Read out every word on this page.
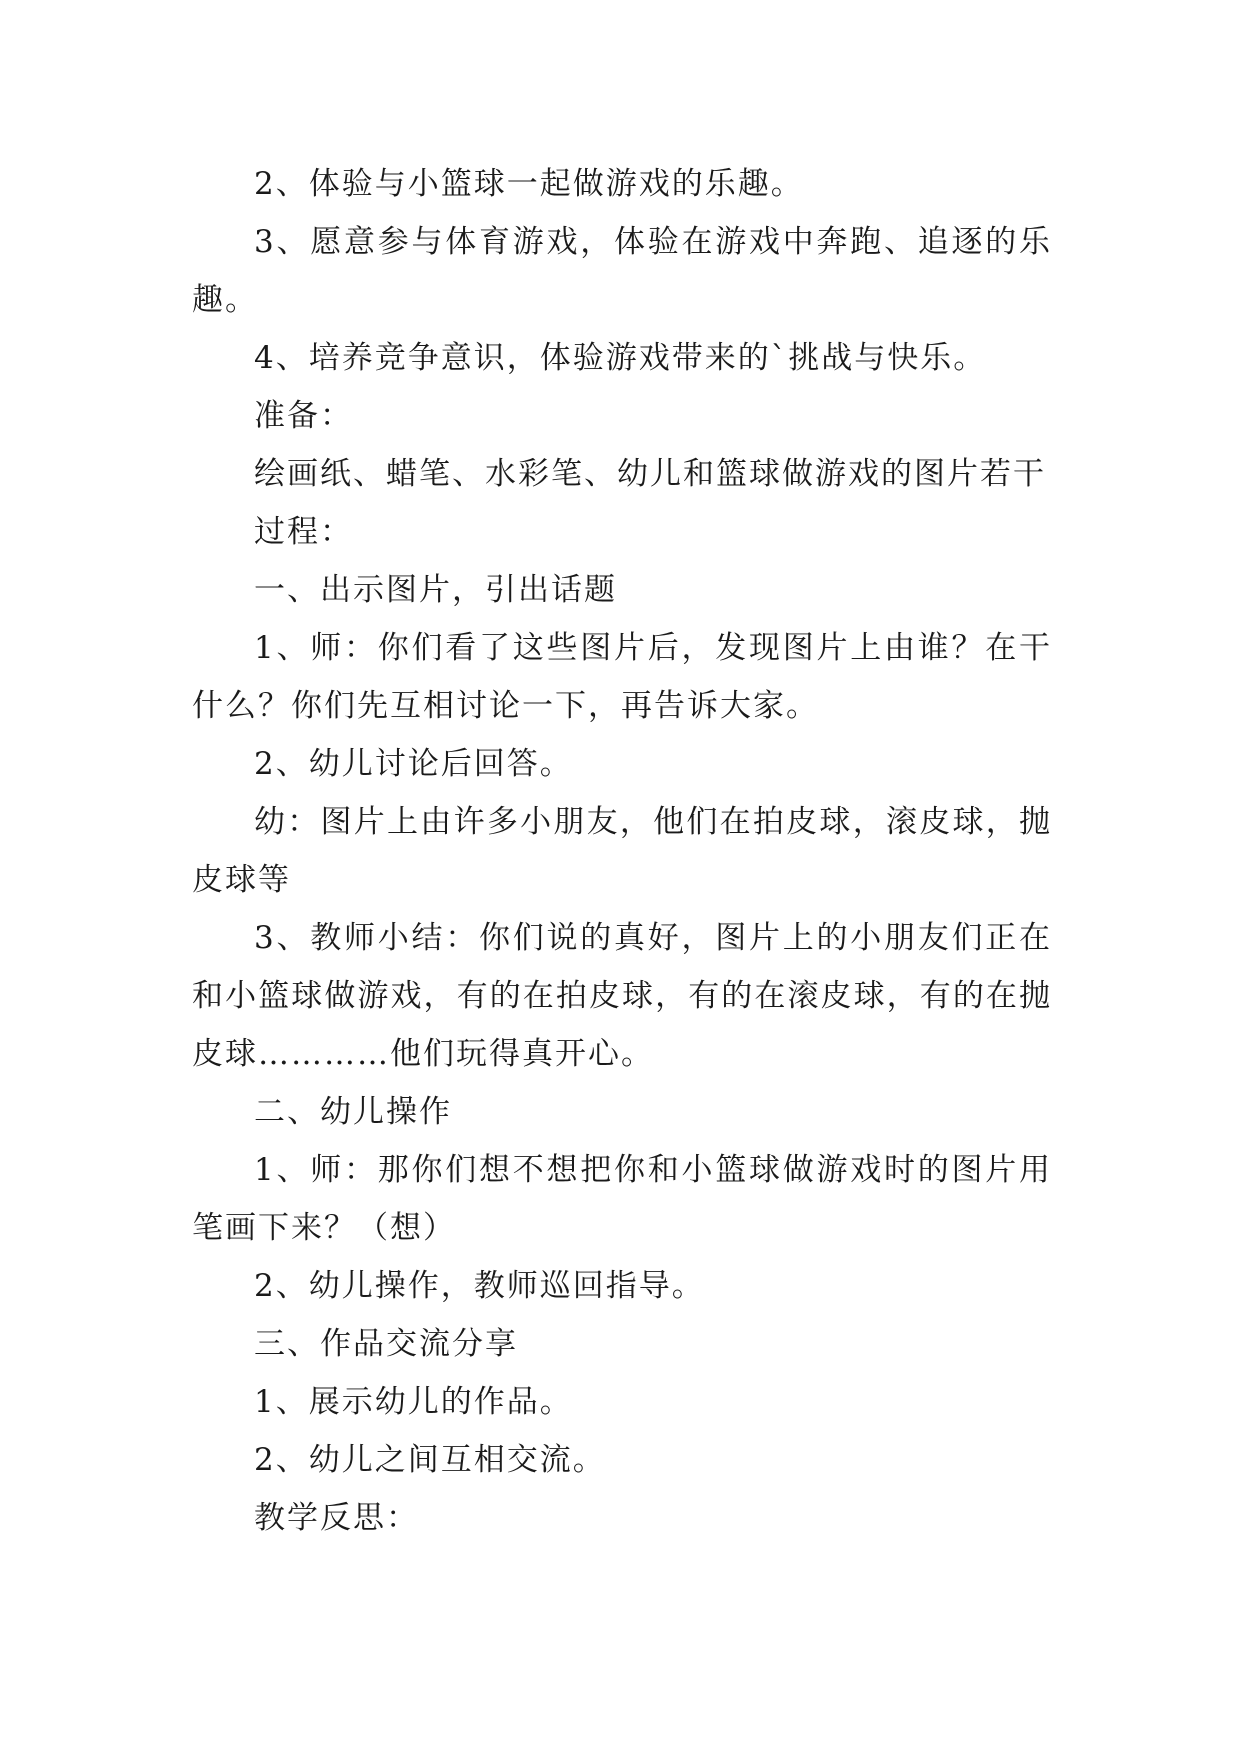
2、体验与小篮球一起做游戏的乐趣。

3、愿意参与体育游戏，体验在游戏中奔跑、追逐的乐趣。

4、培养竞争意识，体验游戏带来的`挑战与快乐。

准备：

绘画纸、蜡笔、水彩笔、幼儿和篮球做游戏的图片若干

过程：

一、出示图片，引出话题

1、师：你们看了这些图片后，发现图片上由谁？在干什么？你们先互相讨论一下，再告诉大家。

2、幼儿讨论后回答。

幼：图片上由许多小朋友，他们在拍皮球，滚皮球，抛皮球等

3、教师小结：你们说的真好，图片上的小朋友们正在和小篮球做游戏，有的在拍皮球，有的在滚皮球，有的在抛皮球…………他们玩得真开心。

二、幼儿操作

1、师：那你们想不想把你和小篮球做游戏时的图片用笔画下来？（想）

2、幼儿操作，教师巡回指导。

三、作品交流分享

1、展示幼儿的作品。

2、幼儿之间互相交流。

教学反思：
